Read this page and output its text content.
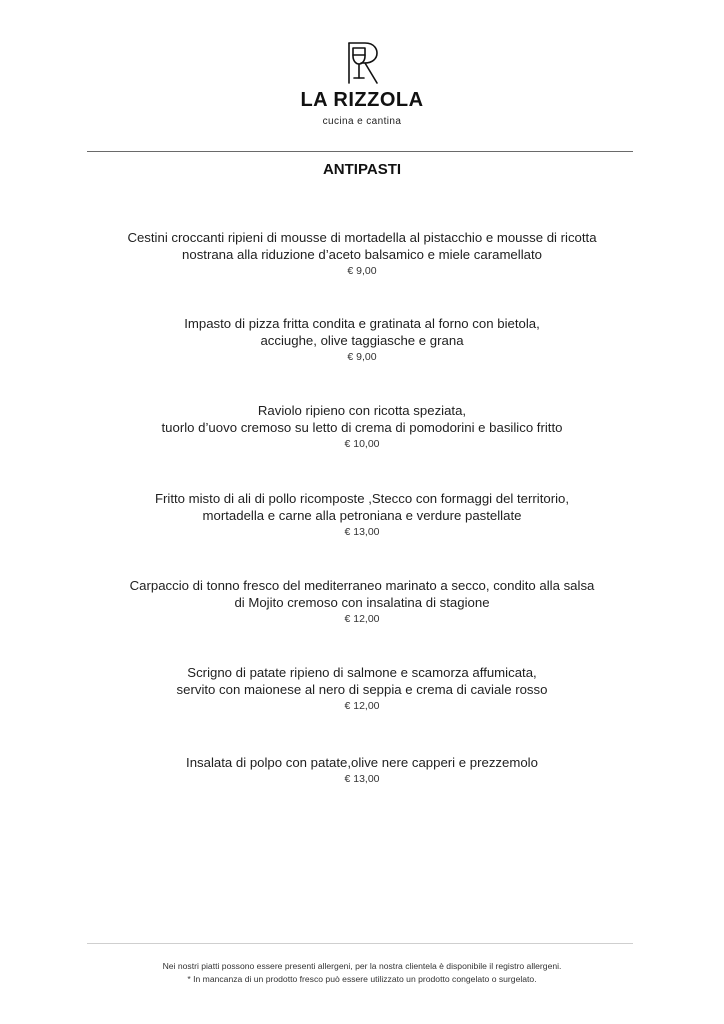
LA RIZZOLA
cucina e cantina
ANTIPASTI
Cestini croccanti ripieni di mousse di mortadella al pistacchio e mousse di ricotta
nostrana alla riduzione d’aceto balsamico e miele caramellato
€ 9,00
Impasto di pizza fritta condita e gratinata al forno con bietola,
acciughe, olive taggiasche e grana
€ 9,00
Raviolo ripieno con ricotta speziata,
tuorlo d’uovo cremoso su letto di crema di pomodorini e basilico fritto
€ 10,00
Fritto misto di ali di pollo ricomposte ,Stecco con formaggi del territorio,
mortadella e carne alla petroniana e verdure pastellate
€ 13,00
Carpaccio di tonno fresco del mediterraneo marinato a secco, condito alla salsa
di Mojito cremoso con insalatina di stagione
€ 12,00
Scrigno di patate ripieno di salmone e scamorza affumicata,
servito con maionese al nero di seppia e crema di caviale rosso
€ 12,00
Insalata di polpo con patate,olive nere capperi e prezzemolo
€ 13,00
Nei nostri piatti possono essere presenti allergeni, per la nostra clientela è disponibile il registro allergeni.
* In mancanza di un prodotto fresco può essere utilizzato un prodotto congelato o surgelato.
